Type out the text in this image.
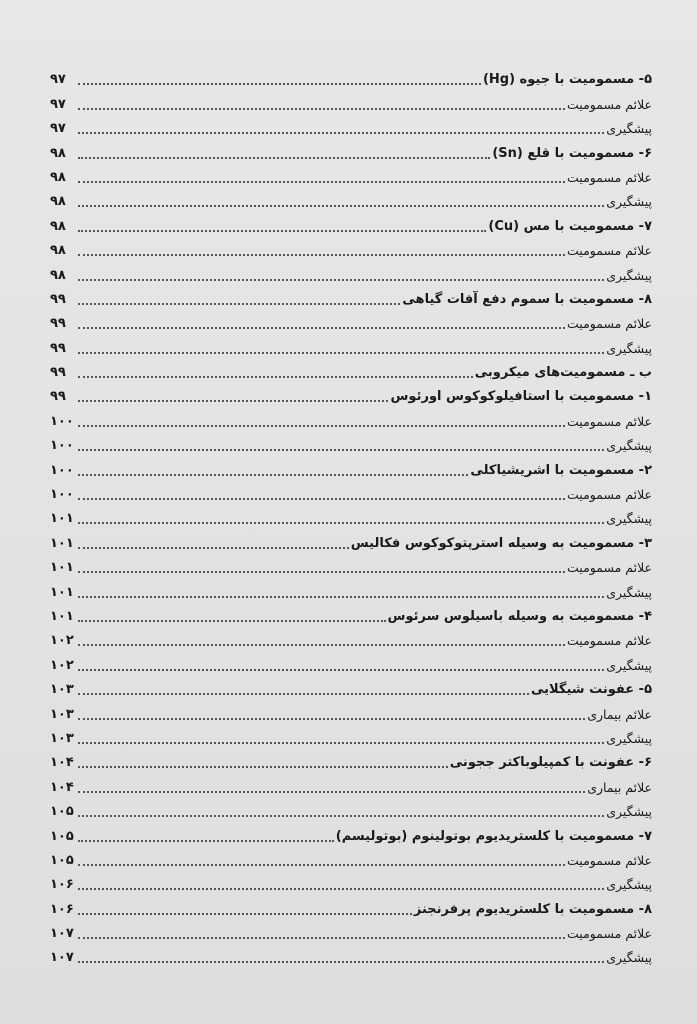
۵- مسمومیت با جیوه (Hg)
۹۷
علائم مسمومیت
۹۷
پیشگیری
۹۷
۶- مسمومیت با قلع (Sn)
۹۸
علائم مسمومیت
۹۸
پیشگیری
۹۸
۷- مسمومیت با مس (Cu)
۹۸
علائم مسمومیت
۹۸
پیشگیری
۹۸
۸- مسمومیت با سموم دفع آفات گیاهی
۹۹
علائم مسمومیت
۹۹
پیشگیری
۹۹
ب ـ مسمومیت‌های میکروبی
۹۹
۱- مسمومیت با استافیلوکوکوس اورئوس
۹۹
علائم مسمومیت
۱۰۰
پیشگیری
۱۰۰
۲- مسمومیت با اشریشیاکلی
۱۰۰
علائم مسمومیت
۱۰۰
پیشگیری
۱۰۱
۳- مسمومیت به وسیله استرپتوکوکوس فکالیس
۱۰۱
علائم مسمومیت
۱۰۱
پیشگیری
۱۰۱
۴- مسمومیت به وسیله باسیلوس سرئوس
۱۰۱
علائم مسمومیت
۱۰۲
پیشگیری
۱۰۲
۵- عفونت شیگلایی
۱۰۳
علائم بیماری
۱۰۳
پیشگیری
۱۰۳
۶- عفونت با کمپیلوباکتر ججونی
۱۰۴
علائم بیماری
۱۰۴
پیشگیری
۱۰۵
۷- مسمومیت با کلستریدیوم بوتولینوم (بوتولیسم)
۱۰۵
علائم مسمومیت
۱۰۵
پیشگیری
۱۰۶
۸- مسمومیت با کلستریدیوم پرفرنجنز
۱۰۶
علائم مسمومیت
۱۰۷
پیشگیری
۱۰۷
